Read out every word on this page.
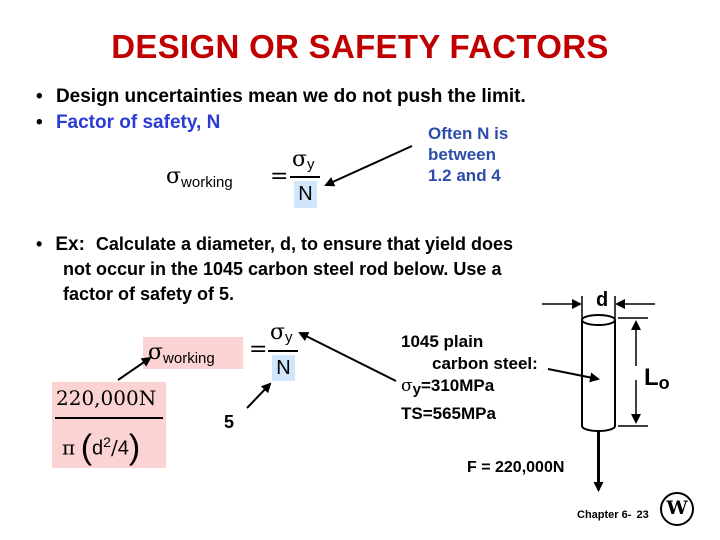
DESIGN OR SAFETY FACTORS
• Design uncertainties mean we do not push the limit.
• Factor of safety, N
$\sigma_{working}$ =
σy
N
Often N is
between
1.2 and 4
• Ex: Calculate a diameter, d, to ensure that yield does
not occur in the 1045 carbon steel rod below. Use a
factor of safety of 5.
$\sigma_{working}$ =
σy
N
220,000N
π $(d^2/4)$
5
1045 plain
carbon steel:
σy=310MPa
TS=565MPa
d
Lo
F = 220,000N
W
Chapter 6- 23
